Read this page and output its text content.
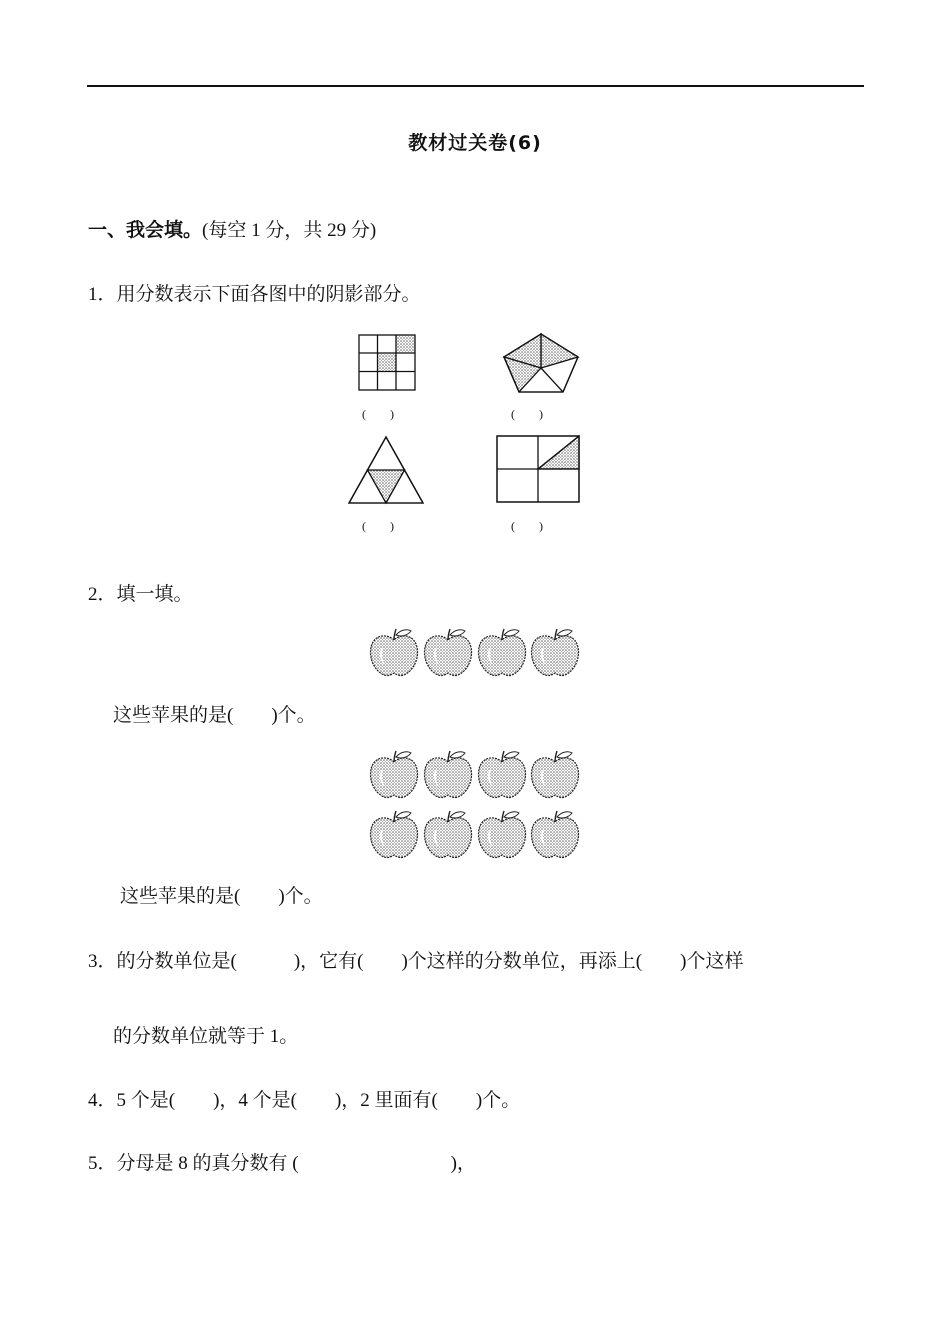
教材过关卷(6)
一、我会填。(每空 1 分，共 29 分)
1．用分数表示下面各图中的阴影部分。
(　　)	(　　)
(　　)	(　　)
2．填一填。
这些苹果的是(　　)个。
这些苹果的是(　　)个。
3．的分数单位是(　　　)，它有(　　)个这样的分数单位，再添上(　　)个这样
的分数单位就等于 1。
4．5 个是(　　)，4 个是(　　)，2 里面有(　　)个。
5．分母是 8 的真分数有 (　　　　　　　　)，
